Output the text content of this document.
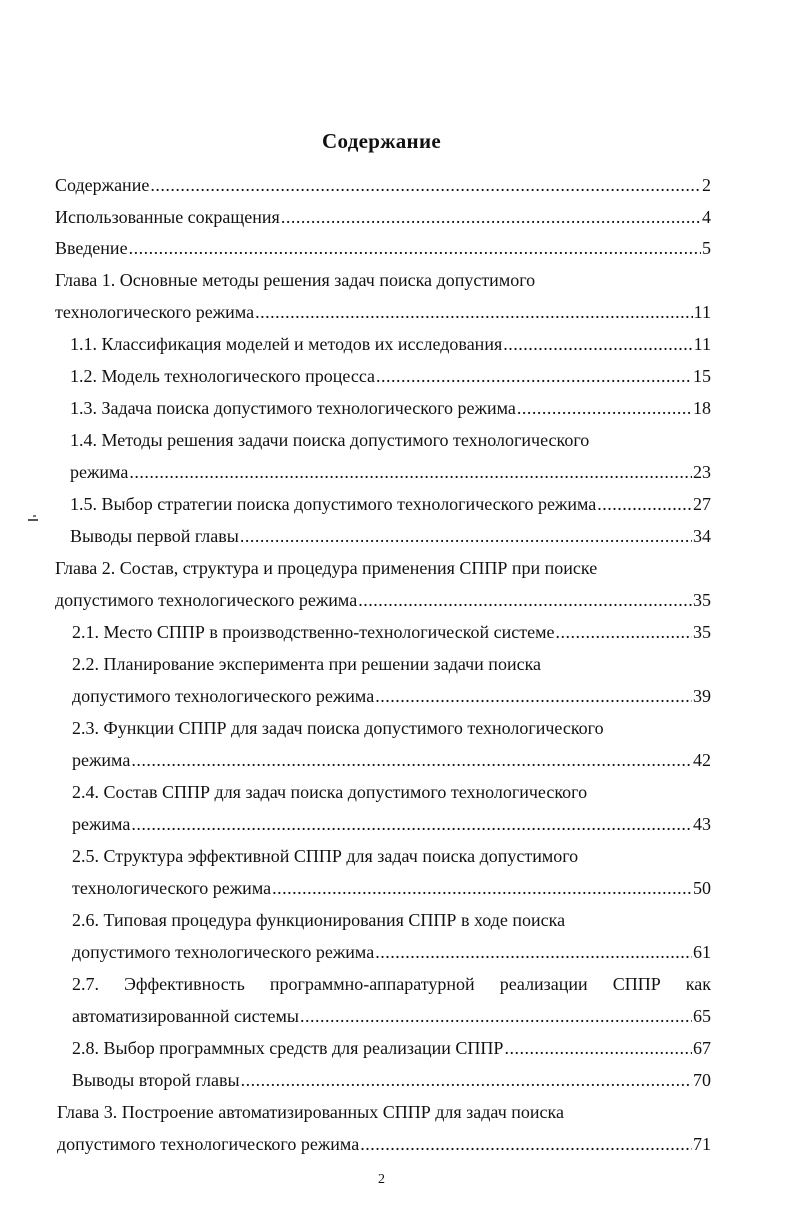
Содержание
Содержание .....	2
Использованные сокращения .....	4
Введение .....	5
Глава 1. Основные методы решения задач поиска допустимого
технологического режима .....	11
1.1. Классификация моделей и методов их исследования .....	11
1.2. Модель технологического процесса .....	15
1.3. Задача поиска допустимого технологического режима .....	18
1.4. Методы решения задачи поиска допустимого технологического
режима .....	23
1.5. Выбор стратегии поиска допустимого технологического режима .....	27
Выводы первой главы .....	34
Глава 2. Состав, структура и процедура применения СППР при поиске
допустимого технологического режима .....	35
2.1. Место СППР в производственно-технологической системе .....	35
2.2. Планирование эксперимента при решении задачи поиска
допустимого технологического режима .....	39
2.3. Функции СППР для задач поиска допустимого технологического
режима .....	42
2.4. Состав СППР для задач поиска допустимого технологического
режима .....	43
2.5. Структура эффективной СППР для задач поиска допустимого
технологического режима .....	50
2.6. Типовая процедура функционирования СППР в ходе поиска
допустимого технологического режима .....	61
2.7. Эффективность программно-аппаратурной реализации СППР как
автоматизированной системы .....	65
2.8. Выбор программных средств для реализации СППР .....	67
Выводы второй главы .....	70
Глава 3. Построение автоматизированных СППР для задач поиска
допустимого технологического режима .....	71
2
